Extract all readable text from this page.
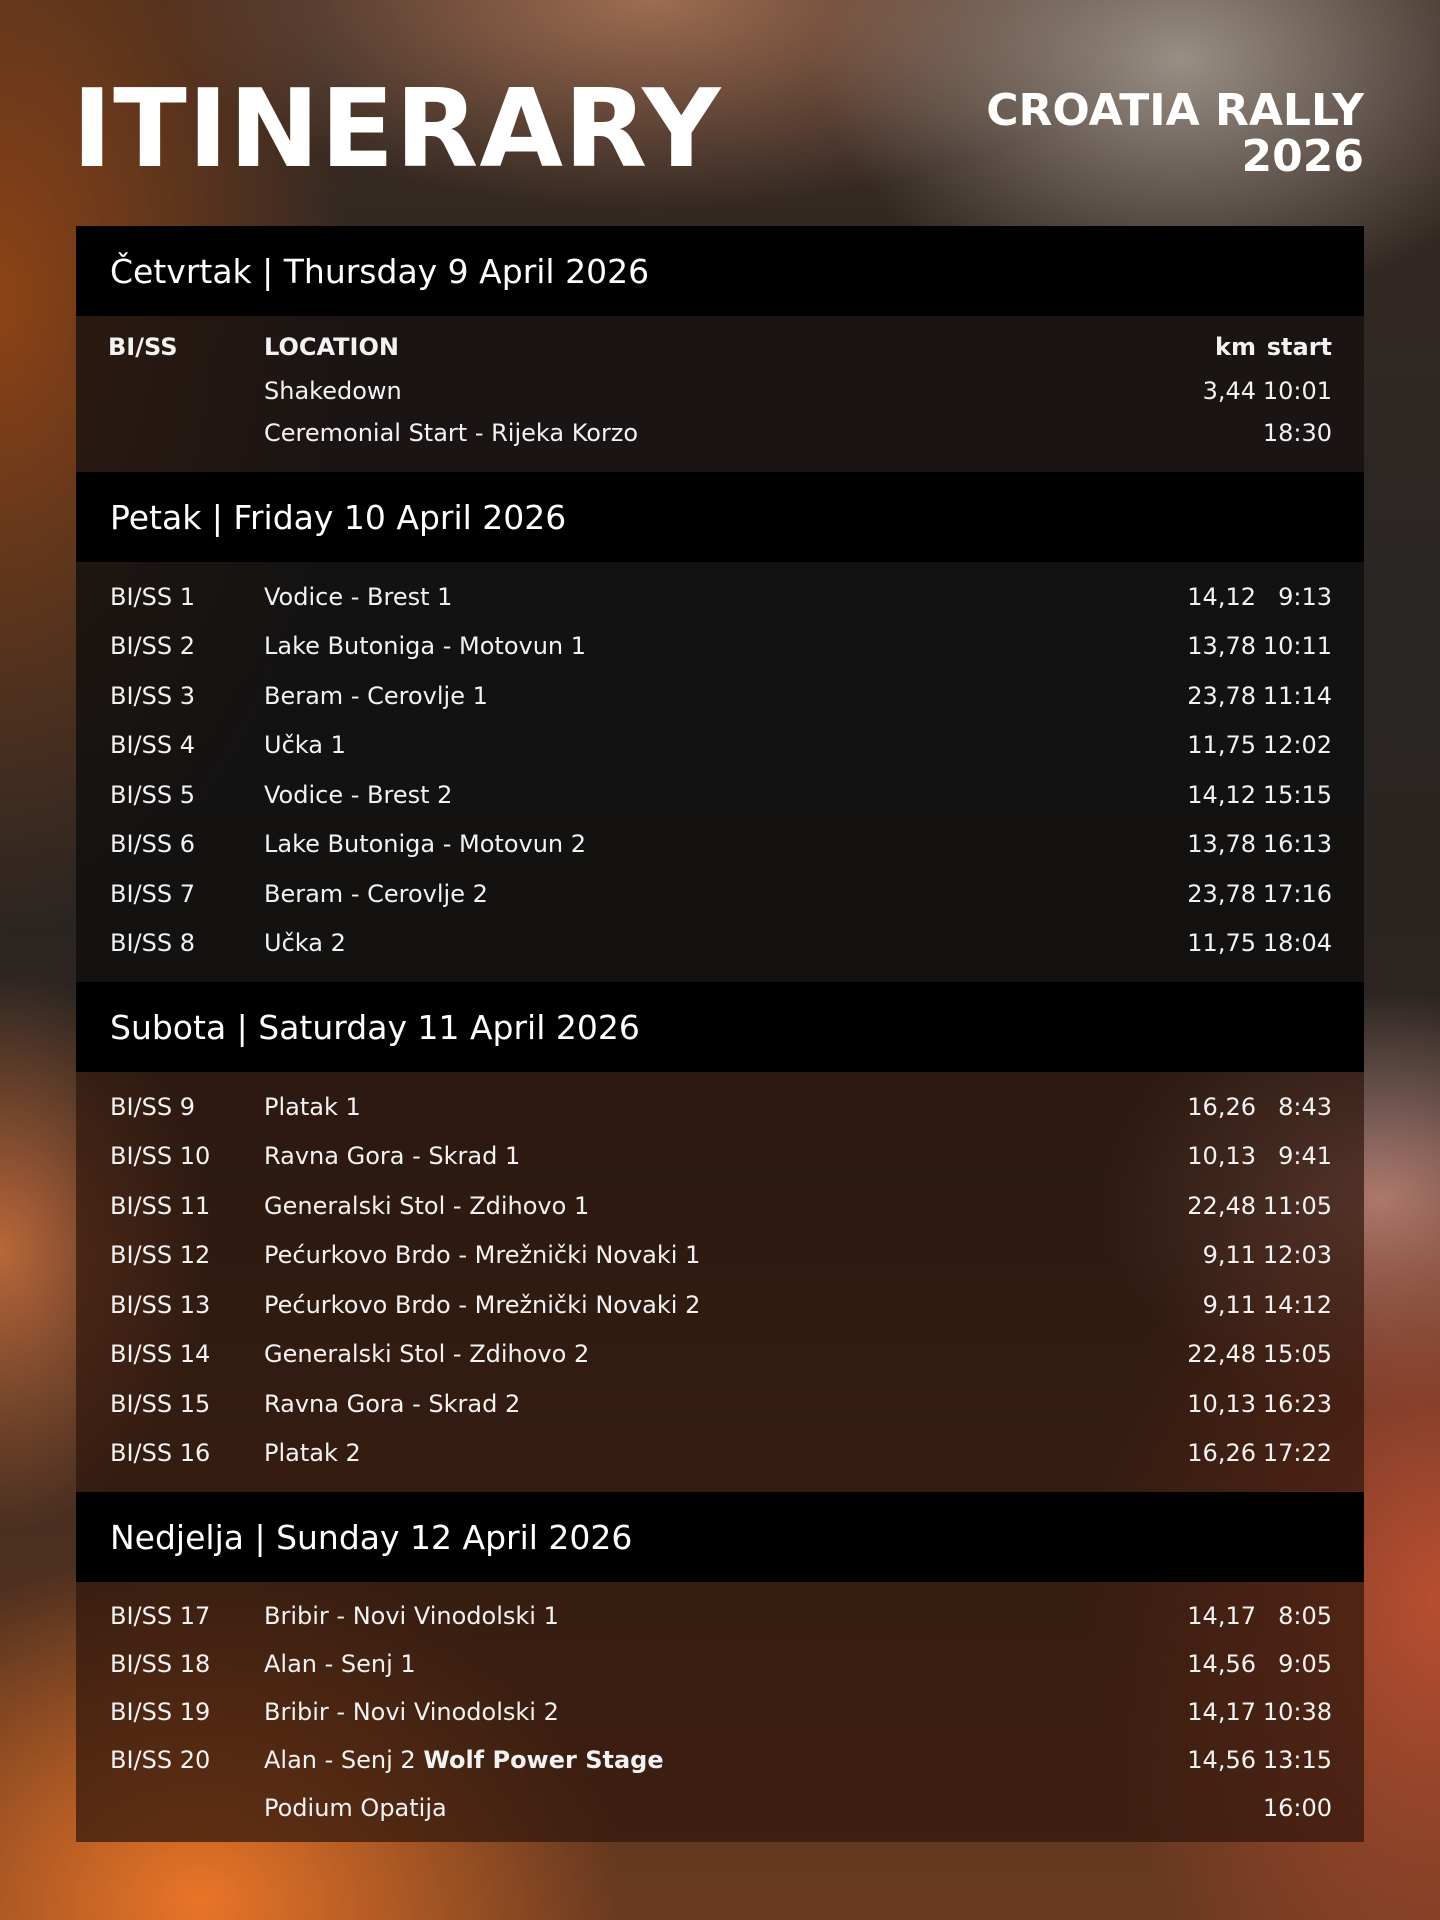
ITINERARY	CROATIA RALLY
2026
Četvrtak | Thursday 9 April 2026
BI/SS	LOCATION	km start
Shakedown	3,44 10:01
Ceremonial Start - Rijeka Korzo	18:30
Petak | Friday 10 April 2026
BI/SS 1	Vodice - Brest 1	14,12 9:13
BI/SS 2	Lake Butoniga - Motovun 1	13,78 10:11
BI/SS 3	Beram - Cerovlje 1	23,78 11:14
BI/SS 4	Učka 1	11,75 12:02
BI/SS 5	Vodice - Brest 2	14,12 15:15
BI/SS 6	Lake Butoniga - Motovun 2	13,78 16:13
BI/SS 7	Beram - Cerovlje 2	23,78 17:16
BI/SS 8	Učka 2	11,75 18:04
Subota | Saturday 11 April 2026
BI/SS 9	Platak 1	16,26 8:43
BI/SS 10	Ravna Gora - Skrad 1	10,13 9:41
BI/SS 11	Generalski Stol - Zdihovo 1	22,48 11:05
BI/SS 12	Pećurkovo Brdo - Mrežnički Novaki 1	9,11 12:03
BI/SS 13	Pećurkovo Brdo - Mrežnički Novaki 2	9,11 14:12
BI/SS 14	Generalski Stol - Zdihovo 2	22,48 15:05
BI/SS 15	Ravna Gora - Skrad 2	10,13 16:23
BI/SS 16	Platak 2	16,26 17:22
Nedjelja | Sunday 12 April 2026
BI/SS 17	Bribir - Novi Vinodolski 1	14,17 8:05
BI/SS 18	Alan - Senj 1	14,56 9:05
BI/SS 19	Bribir - Novi Vinodolski 2	14,17 10:38
BI/SS 20	Alan - Senj 2 Wolf Power Stage	14,56 13:15
Podium Opatija	16:00
